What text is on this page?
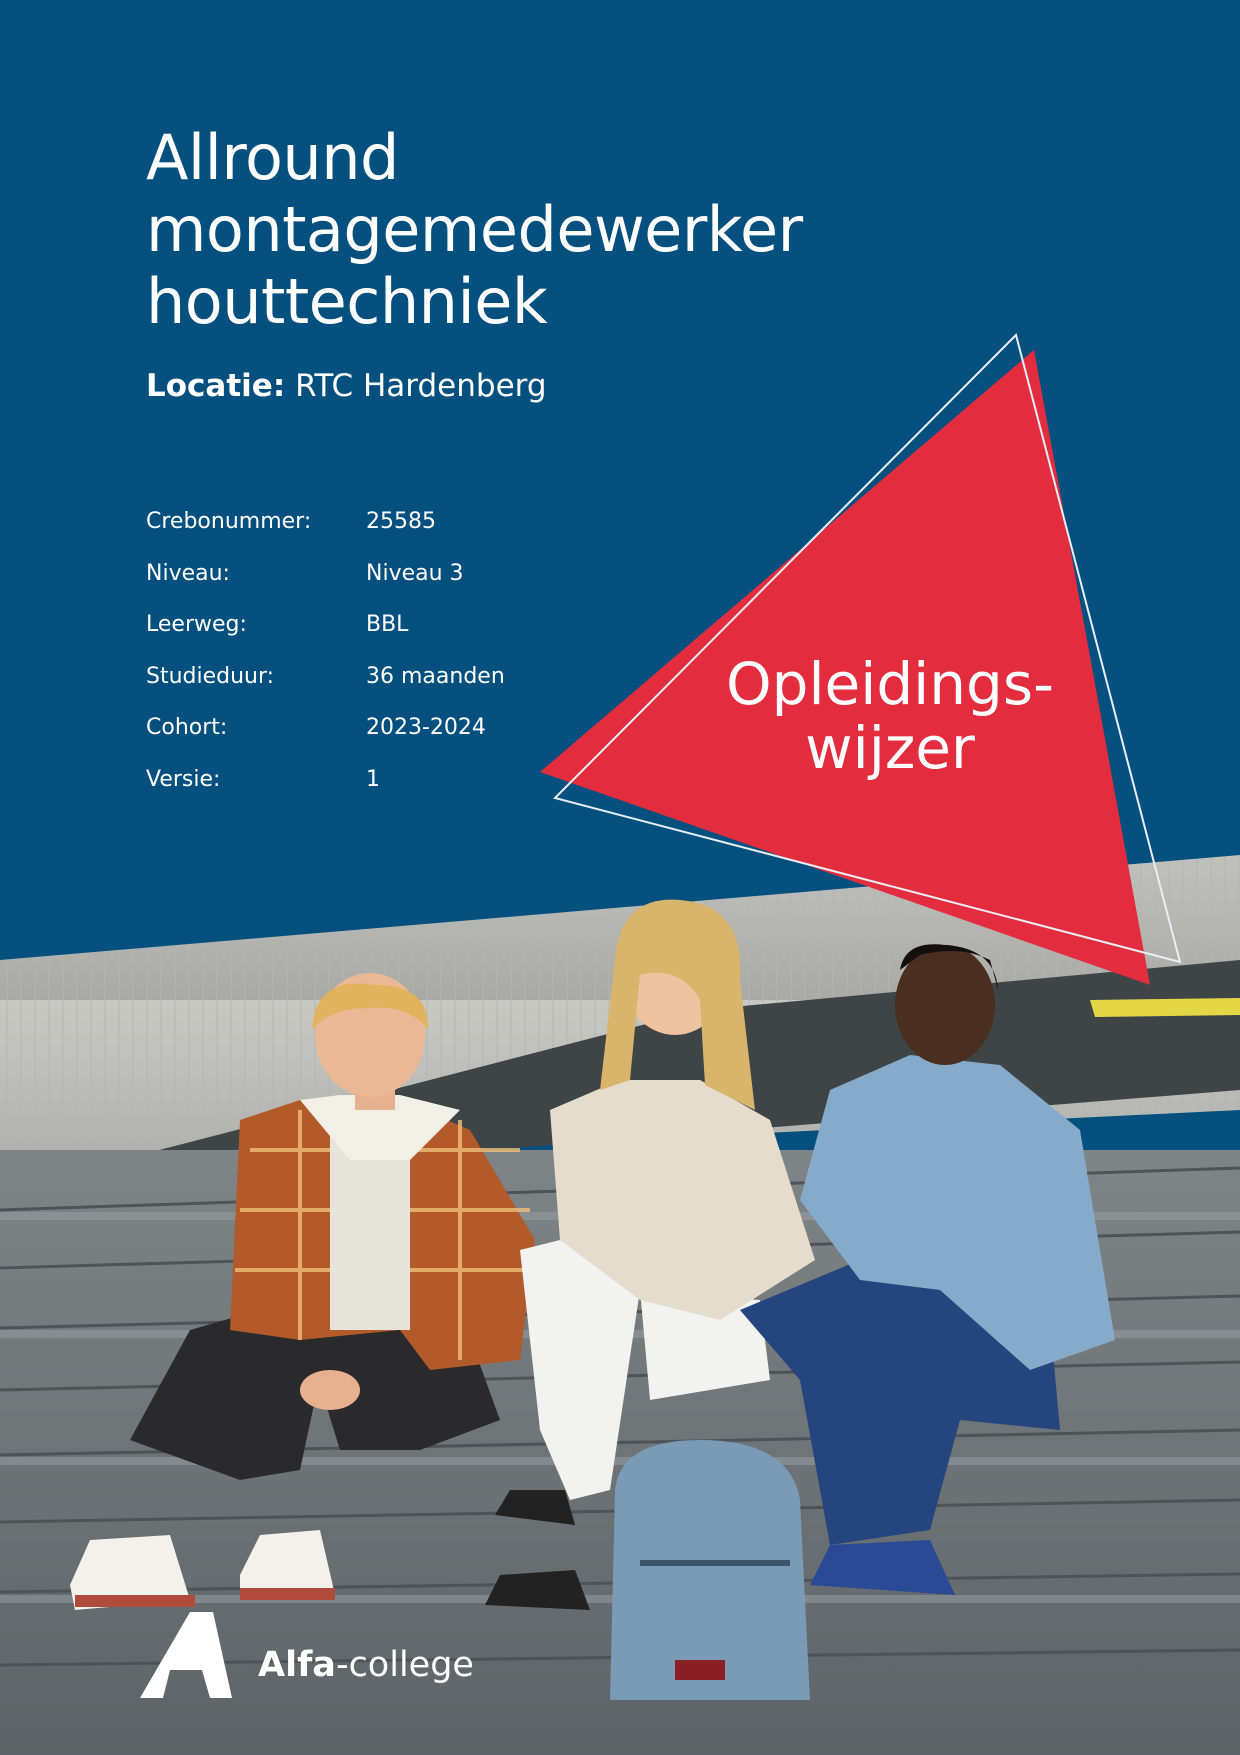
Allround
montagemedewerker
houttechniek
Locatie: RTC Hardenberg
Crebonummer:	25585
Niveau:	Niveau 3
Leerweg:	BBL
Studieduur:	36 maanden
Cohort:	2023-2024
Versie:	1
Opleidings-
wijzer
Alfa-college
